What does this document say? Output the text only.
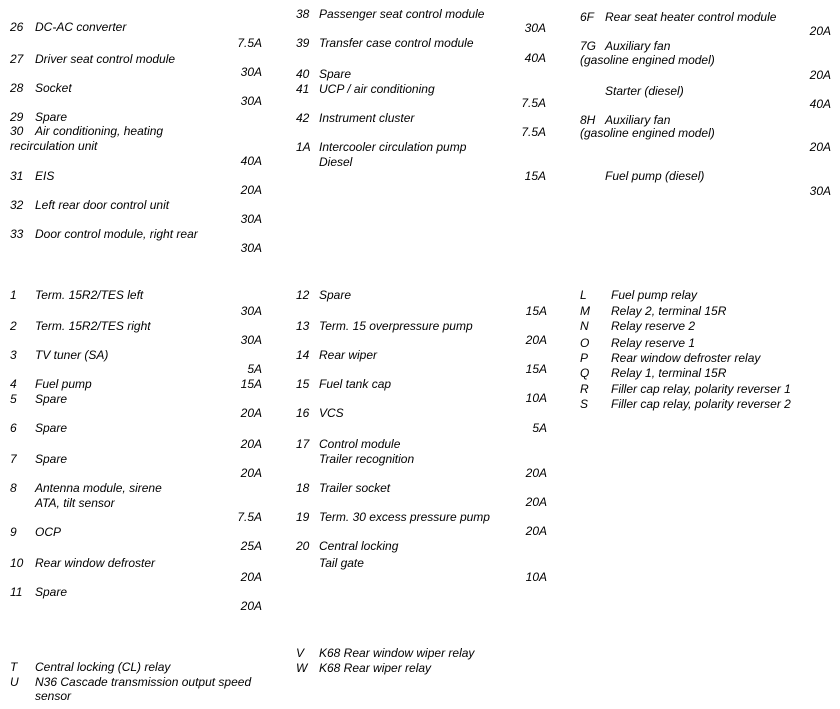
26 DC-AC converter
7.5A
27 Driver seat control module
30A
28 Socket
30A
29 Spare
30 Air conditioning, heating
recirculation unit
40A
31 EIS
20A
32 Left rear door control unit
30A
33 Door control module, right rear
30A
38 Passenger seat control module
30A
39 Transfer case control module
40A
40 Spare
41 UCP / air conditioning
7.5A
42 Instrument cluster
7.5A
1A Intercooler circulation pump
Diesel
15A
6F Rear seat heater control module
20A
7G Auxiliary fan
(gasoline engined model)
20A
Starter (diesel)
40A
8H Auxiliary fan
(gasoline engined model)
20A
Fuel pump (diesel)
30A
1 Term. 15R2/TES left
30A
2 Term. 15R2/TES right
30A
3 TV tuner (SA)
5A
4 Fuel pump	15A
5 Spare
20A
6 Spare
20A
7 Spare
20A
8 Antenna module, sirene
ATA, tilt sensor
7.5A
9 OCP
25A
10 Rear window defroster
20A
11 Spare
20A
12 Spare
15A
13 Term. 15 overpressure pump
20A
14 Rear wiper
15A
15 Fuel tank cap
10A
16 VCS
5A
17 Control module
Trailer recognition
20A
18 Trailer socket
20A
19 Term. 30 excess pressure pump
20A
20 Central locking
Tail gate
10A
L Fuel pump relay
M Relay 2, terminal 15R
N Relay reserve 2
O Relay reserve 1
P Rear window defroster relay
Q Relay 1, terminal 15R
R Filler cap relay, polarity reverser 1
S Filler cap relay, polarity reverser 2
T Central locking (CL) relay
U N36 Cascade transmission output speed
sensor
V K68 Rear window wiper relay
W K68 Rear wiper relay
